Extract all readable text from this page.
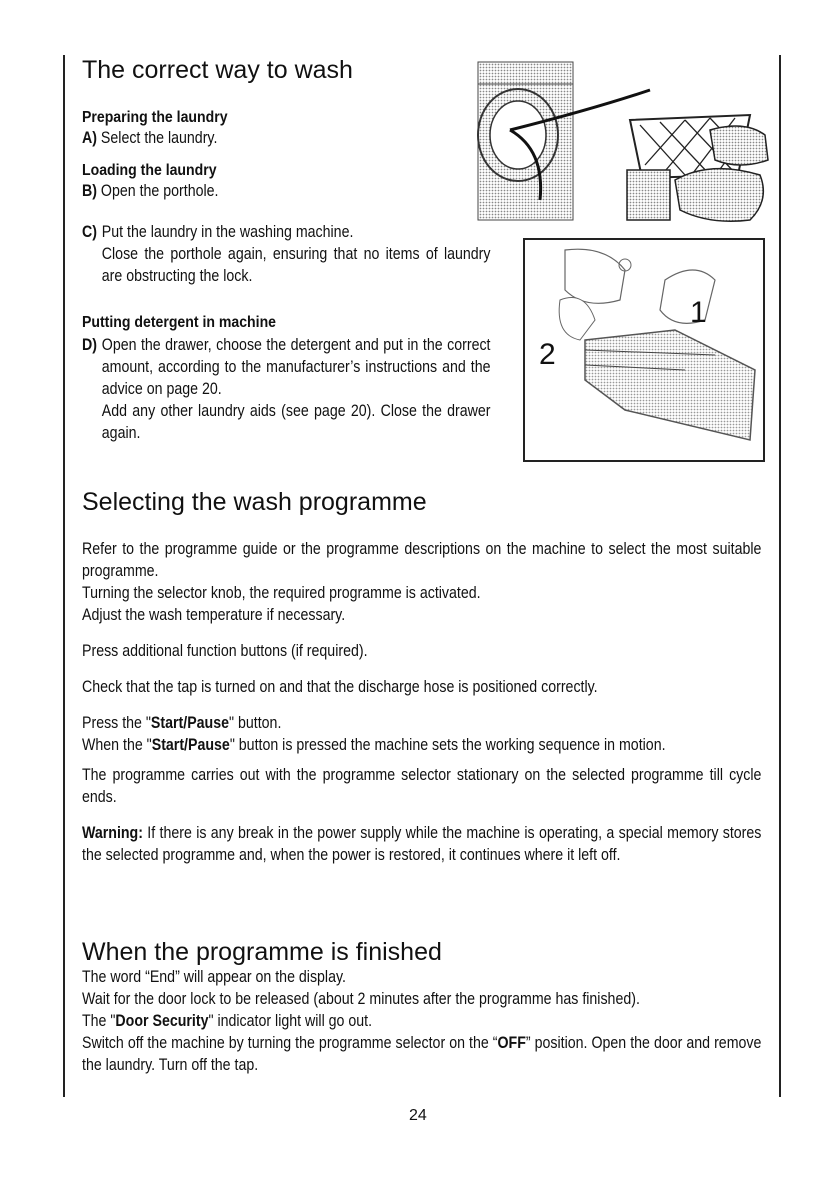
The correct way to wash
Preparing the laundry
A) Select the laundry.
Loading the laundry
B) Open the porthole.
C) Put the laundry in the washing machine.
Close the porthole again, ensuring that no items of laundry are obstructing the lock.
Putting detergent in machine
D) Open the drawer, choose the detergent and put in the correct amount, according to the manufacturer’s instructions and the advice on page 20.
Add any other laundry aids (see page 20). Close the drawer again.
1
2
Selecting the wash programme

Refer to the programme guide or the programme descriptions on the machine to select the most suitable programme.

Turning the selector knob, the required programme is activated.

Adjust the wash temperature if necessary.

Press additional function buttons (if required).

Check that the tap is turned on and that the discharge hose is positioned correctly.

Press the "Start/Pause" button.

When the "Start/Pause" button is pressed the machine sets the working sequence in motion.

The programme carries out with the programme selector stationary on the selected programme till cycle ends.

Warning: If there is any break in the power supply while the machine is operating, a special memory stores the selected programme and, when the power is restored, it continues where it left off.

When the programme is finished

The word “End” will appear on the display.

Wait for the door lock to be released (about 2 minutes after the programme has finished).

The "Door Security" indicator light will go out.

Switch off the machine by turning the programme selector on the “OFF” position. Open the door and remove the laundry. Turn off the tap.

24
